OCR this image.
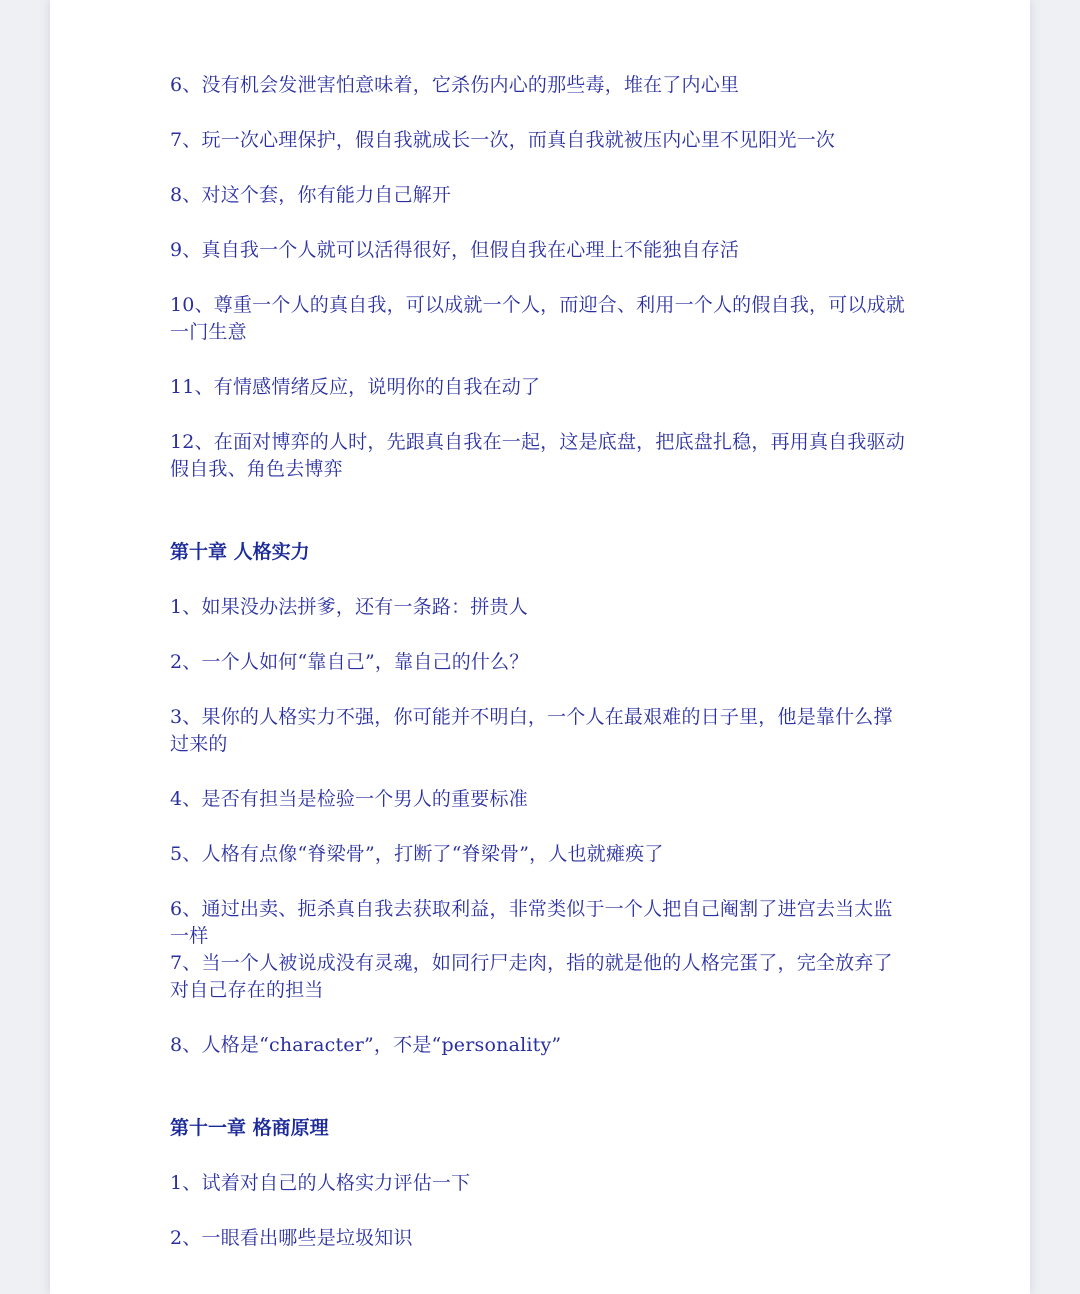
6、没有机会发泄害怕意味着，它杀伤内心的那些毒，堆在了内心里

7、玩一次心理保护，假自我就成长一次，而真自我就被压内心里不见阳光一次

8、对这个套，你有能力自己解开

9、真自我一个人就可以活得很好，但假自我在心理上不能独自存活

10、尊重一个人的真自我，可以成就一个人，而迎合、利用一个人的假自我，可以成就一门生意

11、有情感情绪反应，说明你的自我在动了

12、在面对博弈的人时，先跟真自我在一起，这是底盘，把底盘扎稳，再用真自我驱动假自我、角色去博弈

第十章 人格实力

1、如果没办法拼爹，还有一条路：拼贵人

2、一个人如何“靠自己”，靠自己的什么？

3、果你的人格实力不强，你可能并不明白，一个人在最艰难的日子里，他是靠什么撑过来的

4、是否有担当是检验一个男人的重要标准

5、人格有点像“脊梁骨”，打断了“脊梁骨”，人也就瘫痪了

6、通过出卖、扼杀真自我去获取利益，非常类似于一个人把自己阉割了进宫去当太监一样

7、当一个人被说成没有灵魂，如同行尸走肉，指的就是他的人格完蛋了，完全放弃了对自己存在的担当

8、人格是“character”，不是“personality”

第十一章 格商原理

1、试着对自己的人格实力评估一下

2、一眼看出哪些是垃圾知识
